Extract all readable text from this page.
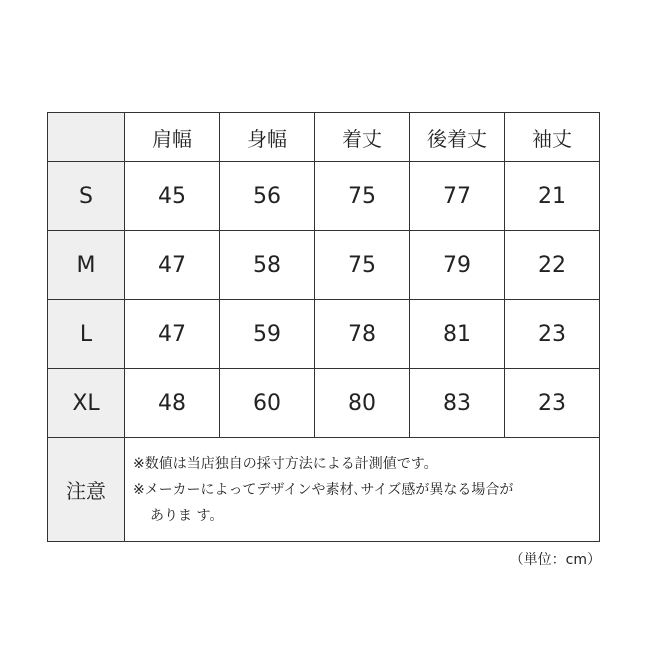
	肩幅	身幅	着丈	後着丈	袖丈
S	45	56	75	77	21
M	47	58	75	79	22
L	47	59	78	81	23
XL	48	60	80	83	23
注意	※数値は当店独自の採寸方法による計測値です。
※メーカーによってデザインや素材､サイズ感が異なる場合が
ありま す。				
（単位：cm）
